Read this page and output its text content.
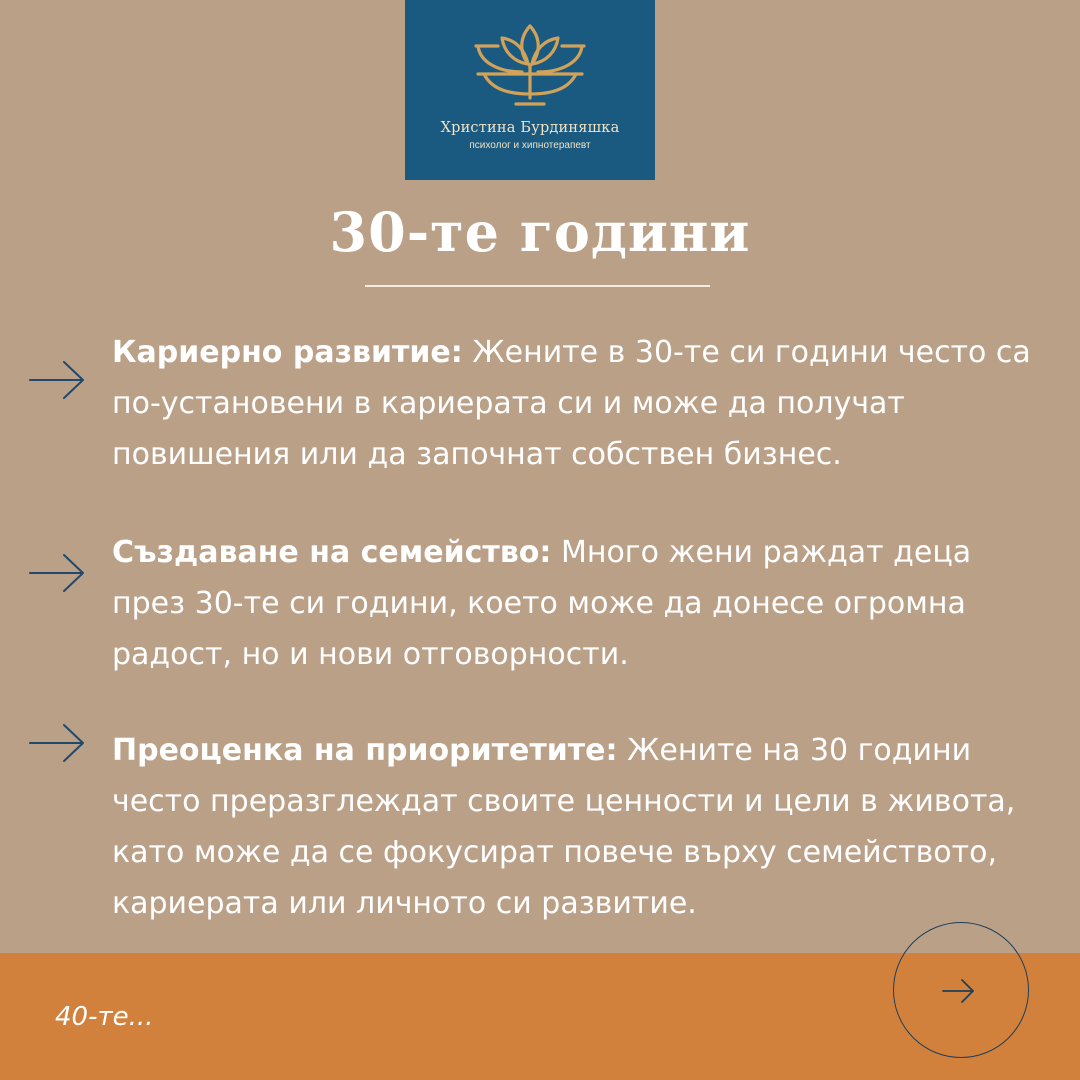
Христина Бурдиняшка
психолог и хипнотерапевт
30-те години
Кариерно развитие: Жените в 30-те си години често са по-установени в кариерата си и може да получат повишения или да започнат собствен бизнес.
Създаване на семейство: Много жени раждат деца през 30-те си години, което може да донесе огромна радост, но и нови отговорности.
Преоценка на приоритетите: Жените на 30 години често преразглеждат своите ценности и цели в живота, като може да се фокусират повече върху семейството, кариерата или личното си развитие.
40-те...
